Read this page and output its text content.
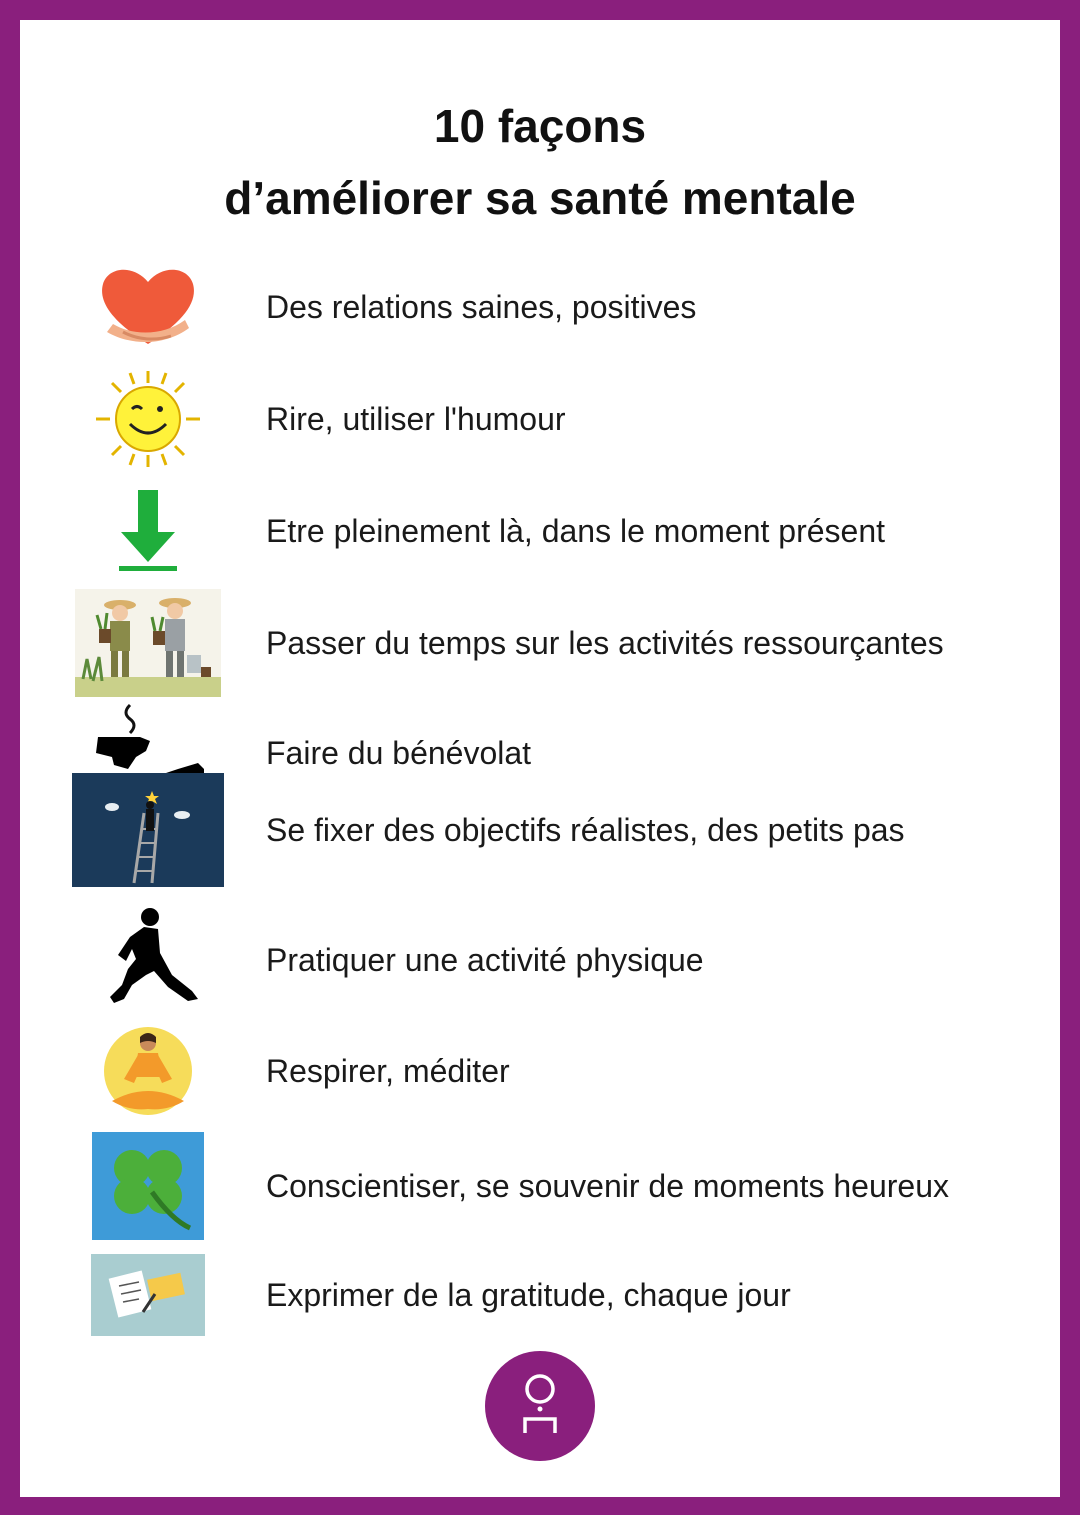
10 façons
d’améliorer sa santé mentale
Des relations saines, positives
Rire, utiliser l'humour
Etre pleinement là, dans le moment présent
Passer du temps sur les activités ressourçantes
Faire du bénévolat
Se fixer des objectifs réalistes, des petits pas
Pratiquer une activité physique
Respirer, méditer
Conscientiser, se souvenir de moments heureux
Exprimer de la gratitude, chaque jour
